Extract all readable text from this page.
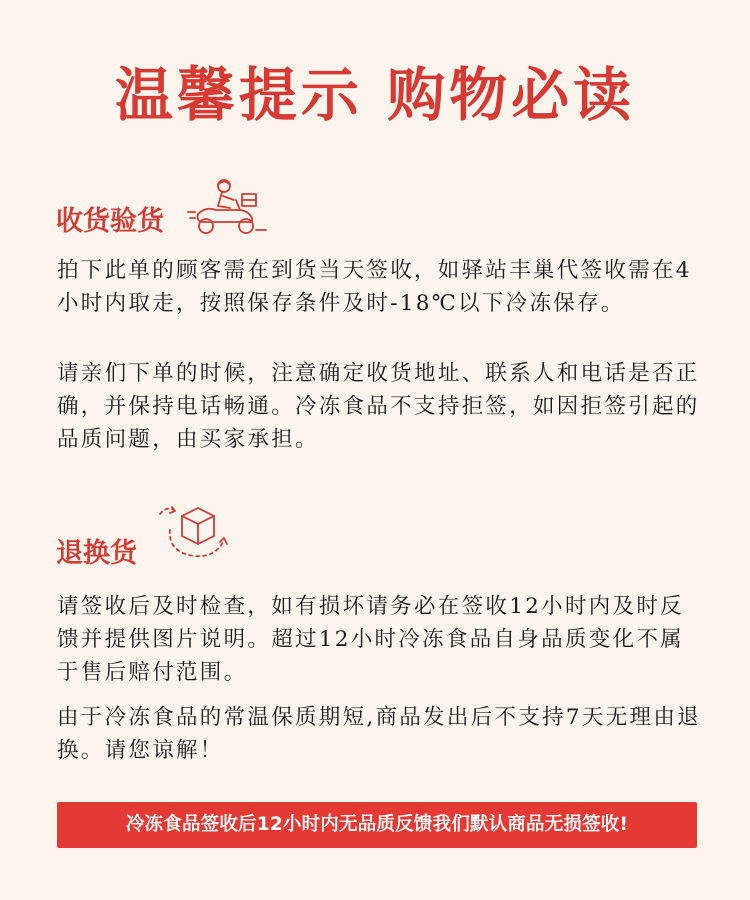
温馨提示 购物必读
收货验货

拍下此单的顾客需在到货当天签收，如驿站丰巢代签收需在4小时内取走，按照保存条件及时-18℃以下冷冻保存。

请亲们下单的时候，注意确定收货地址、联系人和电话是否正确，并保持电话畅通。冷冻食品不支持拒签，如因拒签引起的品质问题，由买家承担。

退换货

请签收后及时检查，如有损坏请务必在签收12小时内及时反馈并提供图片说明。超过12小时冷冻食品自身品质变化不属于售后赔付范围。

由于冷冻食品的常温保质期短,商品发出后不支持7天无理由退换。请您谅解！

冷冻食品签收后12小时内无品质反馈我们默认商品无损签收!
